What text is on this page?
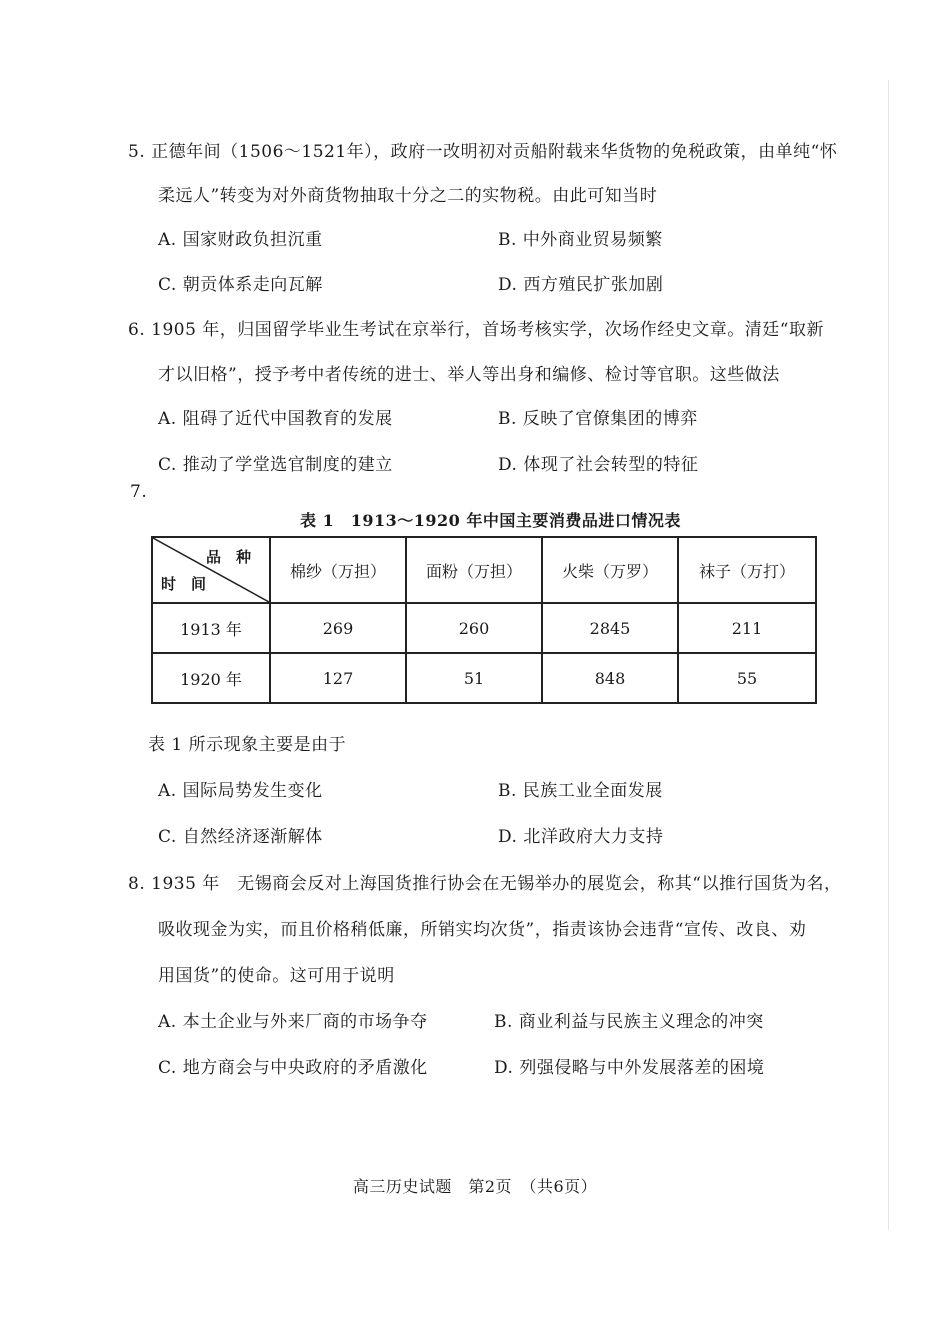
5. 正德年间（1506～1521年），政府一改明初对贡船附载来华货物的免税政策，由单纯“怀
柔远人”转变为对外商货物抽取十分之二的实物税。由此可知当时
A. 国家财政负担沉重	B. 中外商业贸易频繁
C. 朝贡体系走向瓦解	D. 西方殖民扩张加剧
6. 1905 年，归国留学毕业生考试在京举行，首场考核实学，次场作经史文章。清廷“取新
才以旧格”，授予考中者传统的进士、举人等出身和编修、检讨等官职。这些做法
A. 阻碍了近代中国教育的发展	B. 反映了官僚集团的博弈
C. 推动了学堂选官制度的建立	D. 体现了社会转型的特征
7.
表 1　1913～1920 年中国主要消费品进口情况表
品　种
时　间	棉纱（万担）	面粉（万担）	火柴（万罗）	袜子（万打）
1913 年	269	260	2845	211
1920 年	127	51	848	55
表 1 所示现象主要是由于
A. 国际局势发生变化	B. 民族工业全面发展
C. 自然经济逐渐解体	D. 北洋政府大力支持
8. 1935 年　无锡商会反对上海国货推行协会在无锡举办的展览会，称其“以推行国货为名，
吸收现金为实，而且价格稍低廉，所销实均次货”，指责该协会违背“宣传、改良、劝
用国货”的使命。这可用于说明
A. 本土企业与外来厂商的市场争夺	B. 商业利益与民族主义理念的冲突
C. 地方商会与中央政府的矛盾激化	D. 列强侵略与中外发展落差的困境
高三历史试题　第2页　（共6页）
